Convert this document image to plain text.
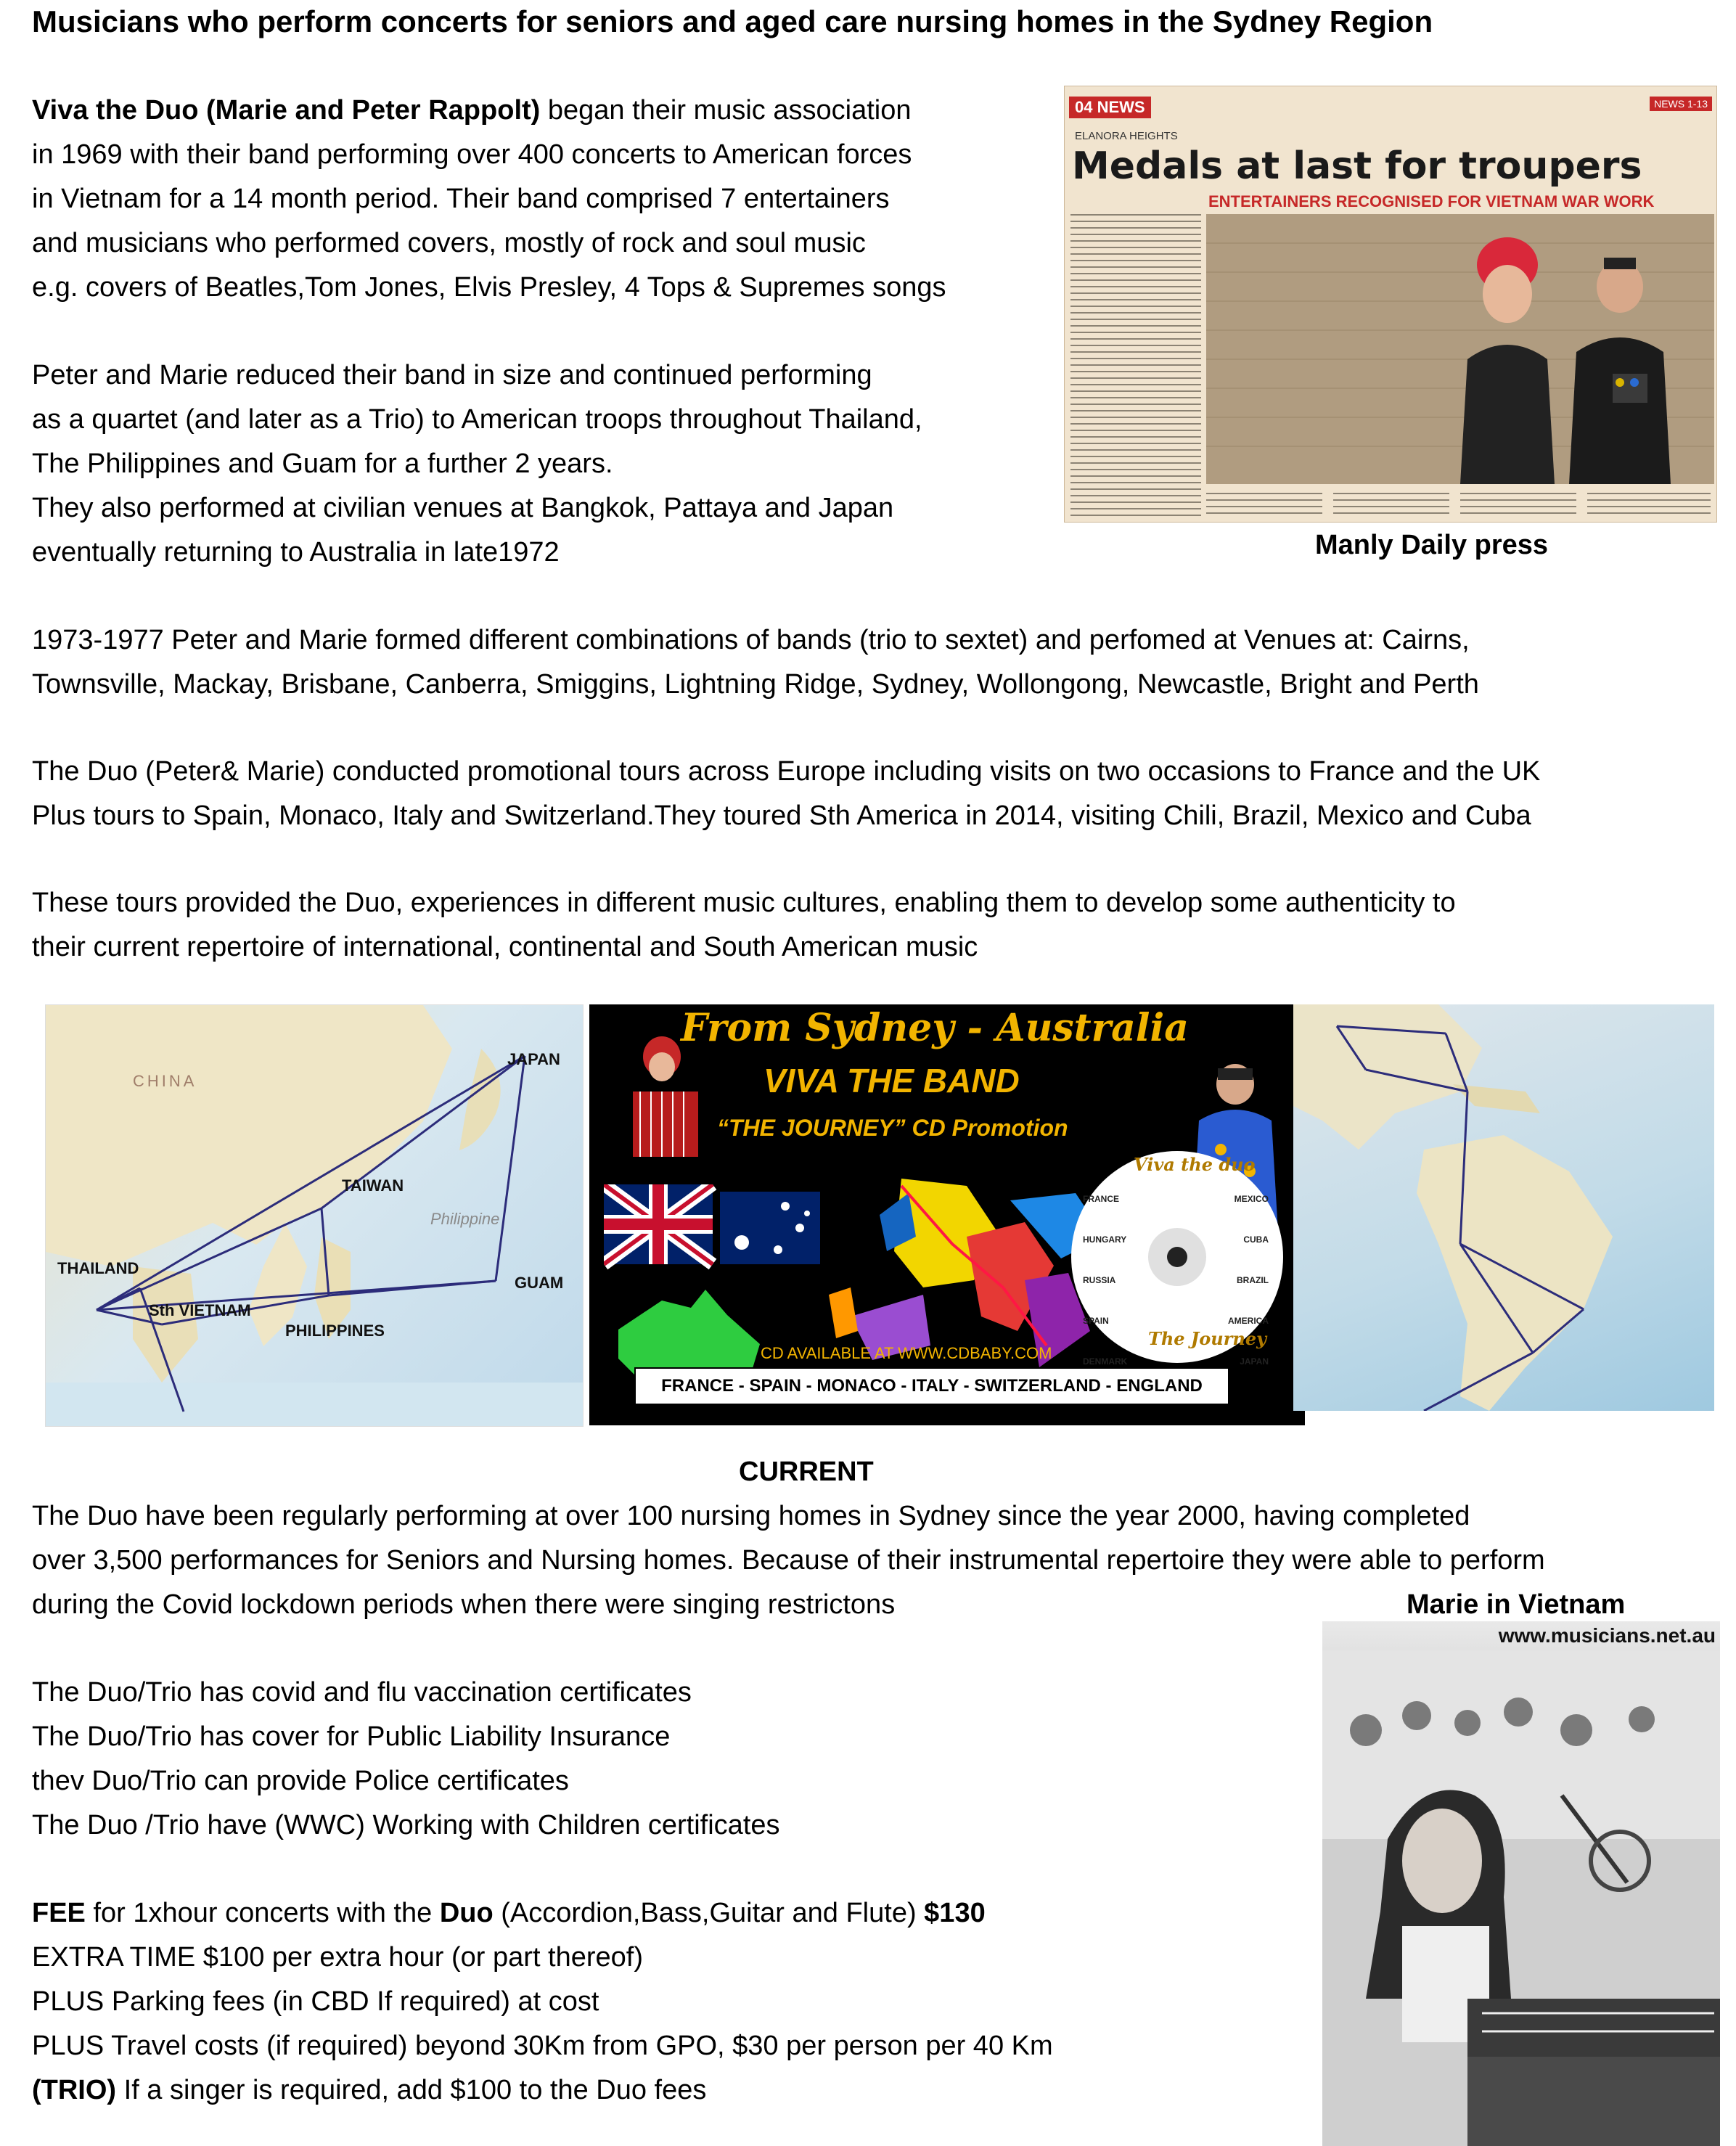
Musicians who perform concerts for seniors and aged care nursing homes in the Sydney Region
Viva the Duo (Marie and Peter Rappolt) began their music association
in 1969 with their band performing over 400 concerts to American forces
in Vietnam for a 14 month period. Their band comprised 7 entertainers
and musicians who performed covers, mostly of rock and soul music
e.g. covers of Beatles,Tom Jones, Elvis Presley, 4 Tops & Supremes songs
Peter and Marie reduced their band in size and continued performing
as a quartet (and later as a Trio) to American troops throughout Thailand,
The Philippines and Guam for a further 2 years.
They also performed at civilian venues at Bangkok, Pattaya and Japan
eventually returning to Australia in late1972
04 NEWS	NEWS 1-13
ELANORA HEIGHTS
Medals at last for troupers
ENTERTAINERS RECOGNISED FOR VIETNAM WAR WORK
Manly Daily press
1973-1977 Peter and Marie formed different combinations of bands (trio to sextet) and perfomed at Venues at: Cairns,
Townsville, Mackay, Brisbane, Canberra, Smiggins, Lightning Ridge, Sydney, Wollongong, Newcastle, Bright and Perth
The Duo (Peter& Marie) conducted promotional tours across Europe including visits on two occasions to France and the UK
Plus tours to Spain, Monaco, Italy and Switzerland.They toured Sth America in 2014, visiting Chili, Brazil, Mexico and Cuba
These tours provided the Duo, experiences in different music cultures, enabling them to develop some authenticity to
their current repertoire of international, continental and South American music
CHINA
JAPAN
TAIWAN
Philippine
THAILAND
GUAM
Sth VIETNAM
PHILIPPINES
From Sydney - Australia
VIVA THE BAND
“THE JOURNEY” CD Promotion
Viva the duo
FRANCE
HUNGARY
RUSSIA
SPAIN
DENMARK
MEXICO
CUBA
BRAZIL
AMERICA
JAPAN
The Journey
CD AVAILABLE AT WWW.CDBABY.COM
FRANCE - SPAIN - MONACO - ITALY - SWITZERLAND - ENGLAND
CURRENT
The Duo have been regularly performing at over 100 nursing homes in Sydney since the year 2000, having completed
over 3,500 performances for Seniors and Nursing homes. Because of their instrumental repertoire they were able to perform
during the Covid lockdown periods when there were singing restrictons	Marie in Vietnam
www.musicians.net.au
The Duo/Trio has covid and flu vaccination certificates
The Duo/Trio has cover for Public Liability Insurance
thev Duo/Trio can provide Police certificates
The Duo /Trio have (WWC) Working with Children certificates
FEE for 1xhour concerts with the Duo (Accordion,Bass,Guitar and Flute) $130
EXTRA TIME $100 per extra hour (or part thereof)
PLUS Parking fees (in CBD If required) at cost
PLUS Travel costs (if required) beyond 30Km from GPO, $30 per person per 40 Km
(TRIO) If a singer is required, add $100 to the Duo fees
